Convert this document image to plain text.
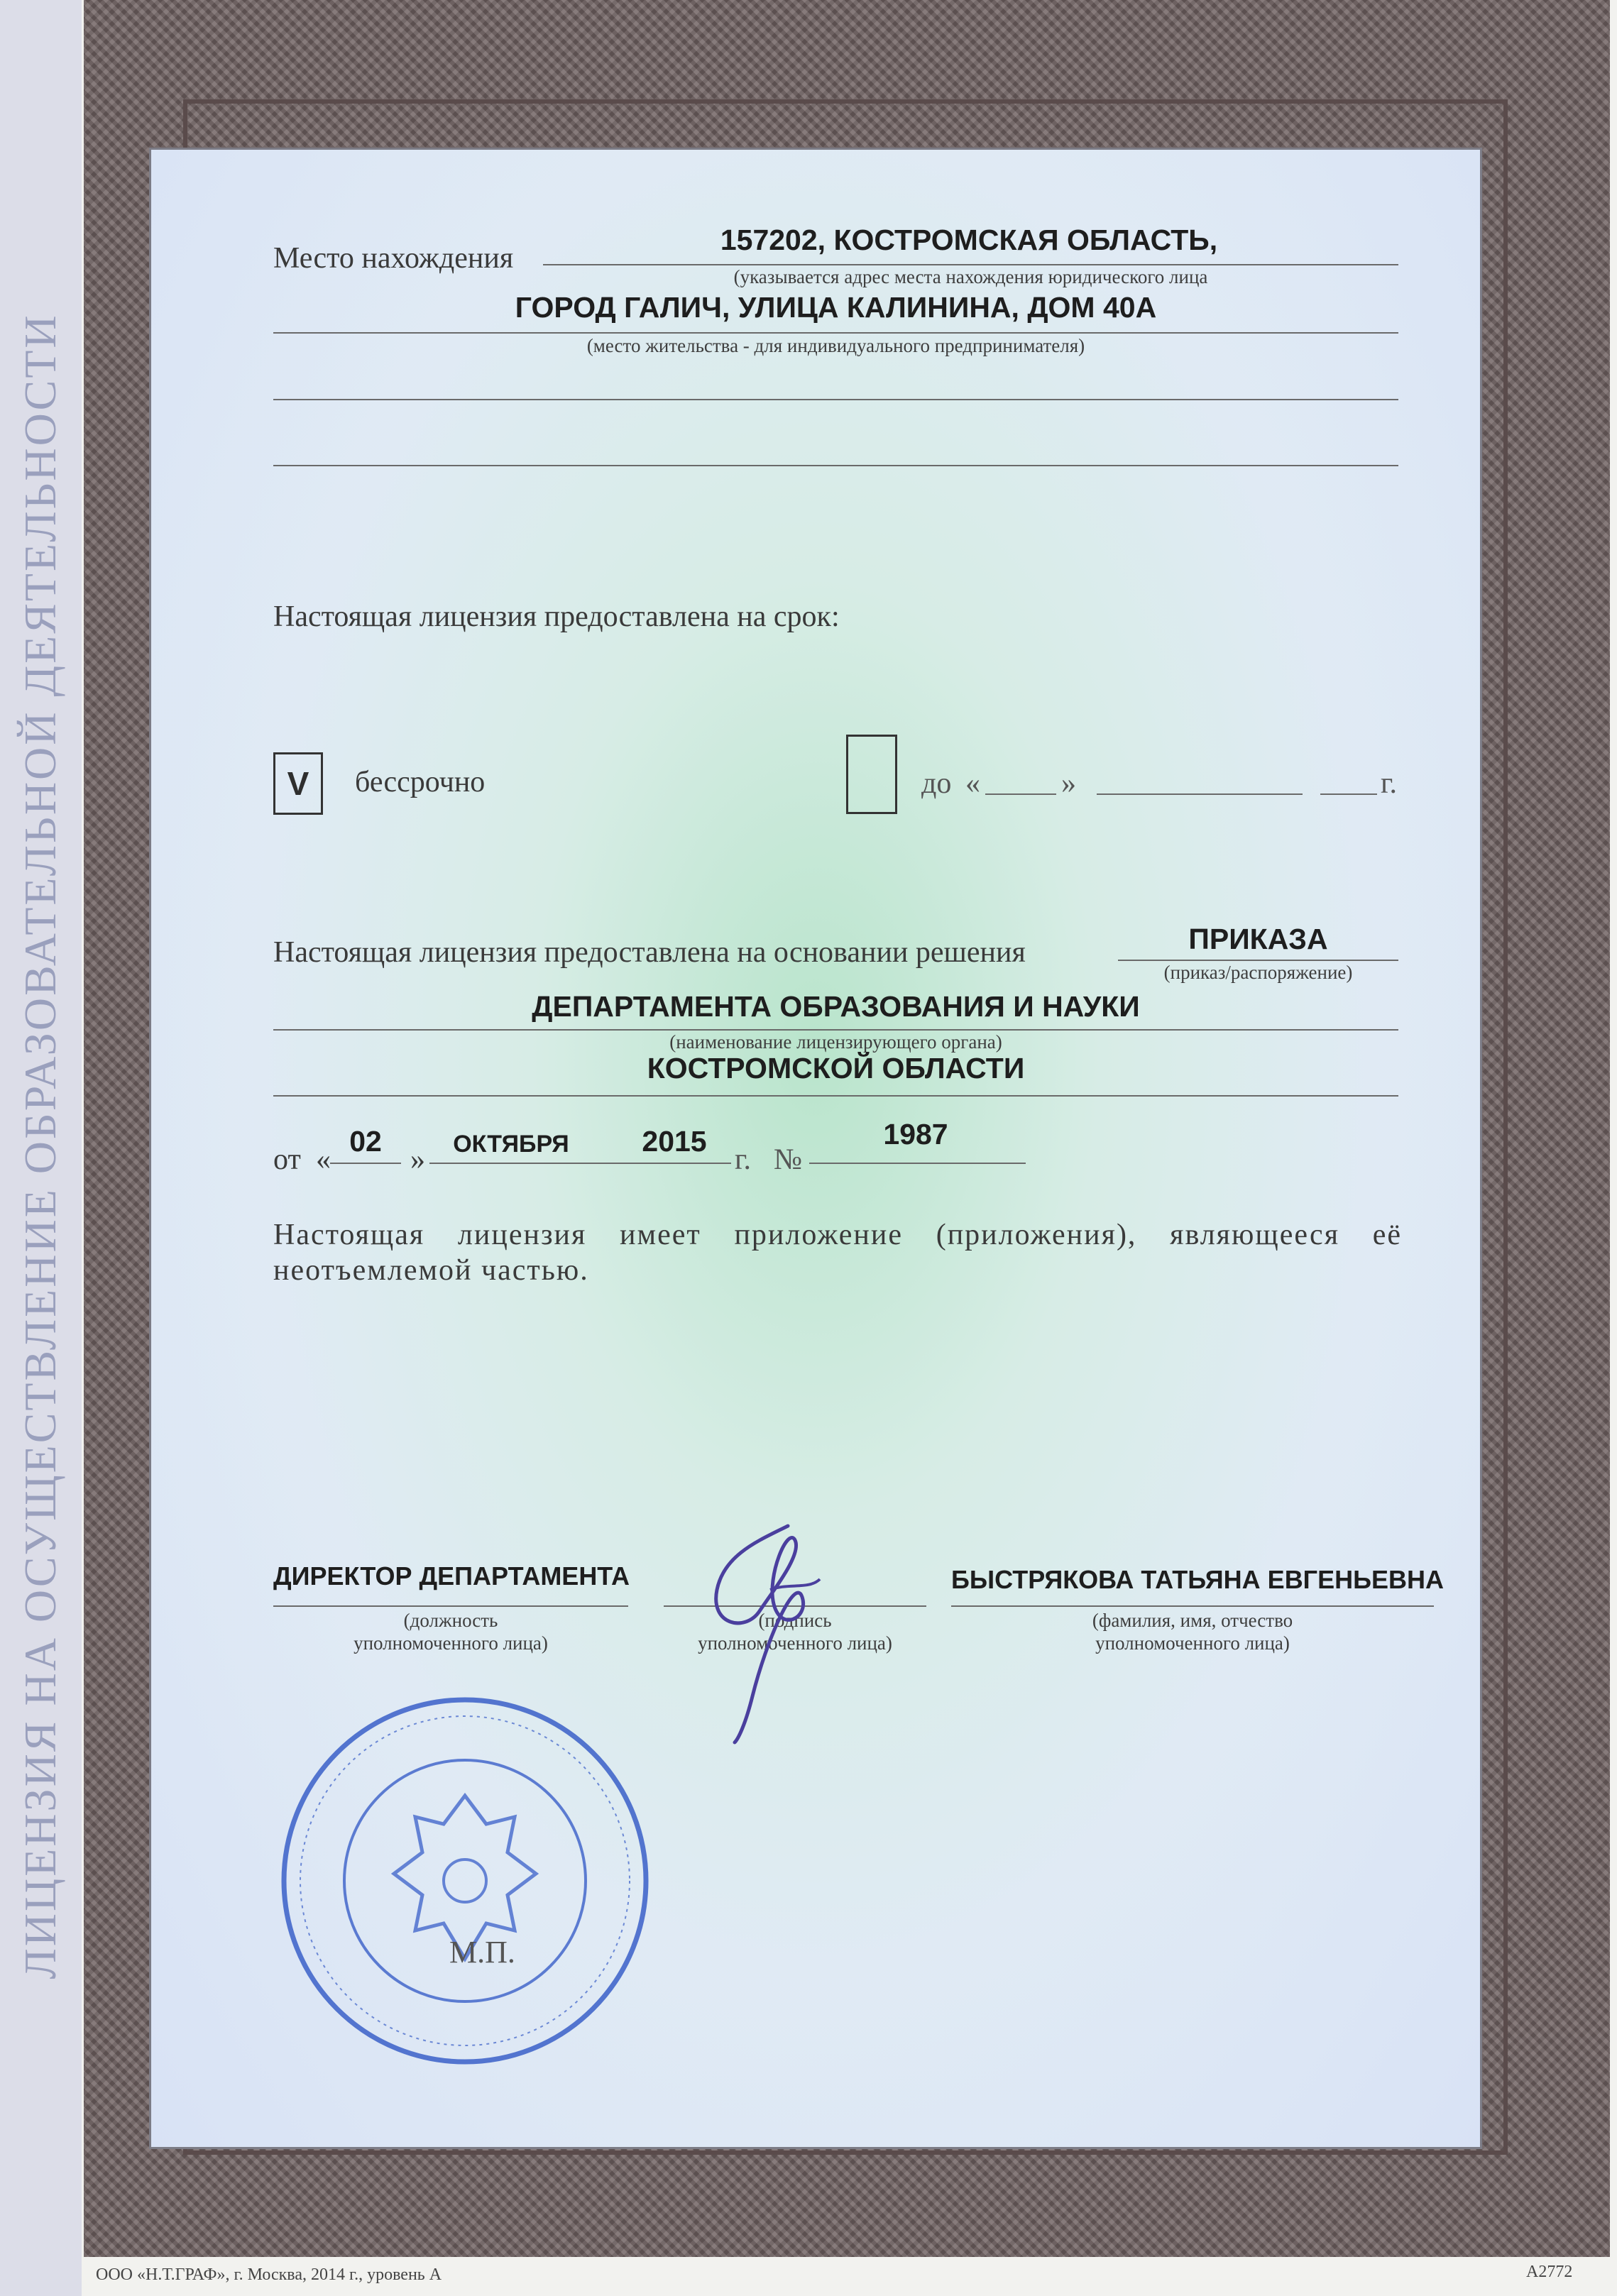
ЛИЦЕНЗИЯ НА ОСУЩЕСТВЛЕНИЕ ОБРАЗОВАТЕЛЬНОЙ ДЕЯТЕЛЬНОСТИ
Место нахождения
157202, КОСТРОМСКАЯ ОБЛАСТЬ,
(указывается адрес места нахождения юридического лица
ГОРОД ГАЛИЧ, УЛИЦА КАЛИНИНА, ДОМ 40А
(место жительства - для индивидуального предпринимателя)
Настоящая лицензия предоставлена на срок:
V	бессрочно	до «	»	г.
Настоящая лицензия предоставлена на основании решения	ПРИКАЗА
(приказ/распоряжение)
ДЕПАРТАМЕНТА ОБРАЗОВАНИЯ И НАУКИ
(наименование лицензирующего органа)
КОСТРОМСКОЙ ОБЛАСТИ
от «
02
»	ОКТЯБРЯ	2015
г. №
1987
Настоящая лицензия имеет приложение (приложения), являющееся её неотъемлемой частью.
ДИРЕКТОР ДЕПАРТАМЕНТА
(должность
уполномоченного лица)
(подпись
уполномоченного лица)
БЫСТРЯКОВА ТАТЬЯНА ЕВГЕНЬЕВНА
(фамилия, имя, отчество
уполномоченного лица)
М.П.
ООО «Н.Т.ГРАФ», г. Москва, 2014 г., уровень А	А2772
